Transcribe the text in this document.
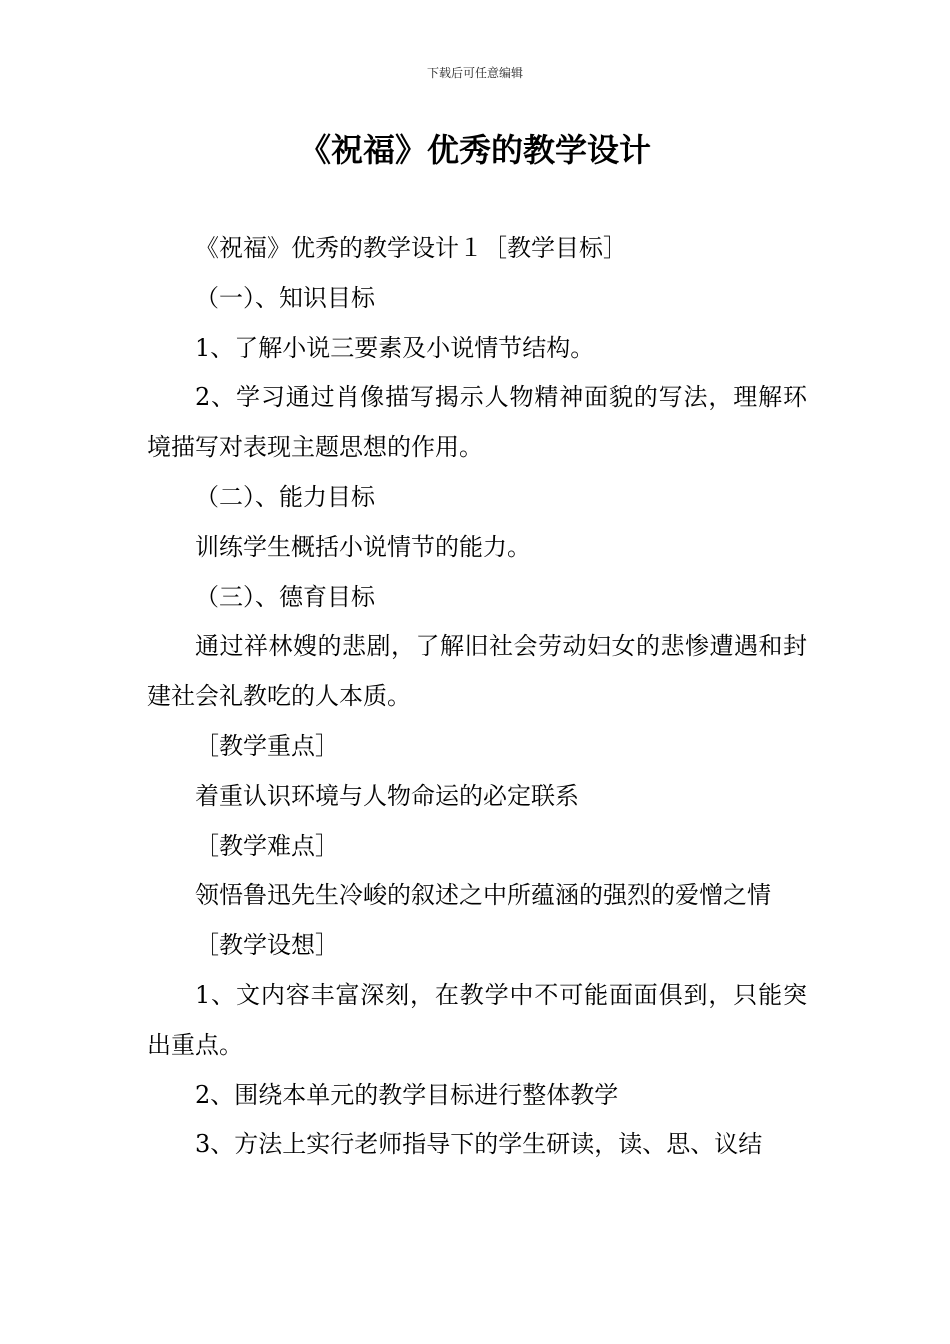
下载后可任意编辑
《祝福》优秀的教学设计

《祝福》优秀的教学设计１［教学目标］

（一）、知识目标

1、了解小说三要素及小说情节结构。

2、学习通过肖像描写揭示人物精神面貌的写法，理解环境描写对表现主题思想的作用。

（二）、能力目标

训练学生概括小说情节的能力。

（三）、德育目标

通过祥林嫂的悲剧，了解旧社会劳动妇女的悲惨遭遇和封建社会礼教吃的人本质。

［教学重点］

着重认识环境与人物命运的必定联系

［教学难点］

领悟鲁迅先生冷峻的叙述之中所蕴涵的强烈的爱憎之情

［教学设想］

1、文内容丰富深刻，在教学中不可能面面俱到，只能突出重点。

2、围绕本单元的教学目标进行整体教学

3、方法上实行老师指导下的学生研读，读、思、议结
